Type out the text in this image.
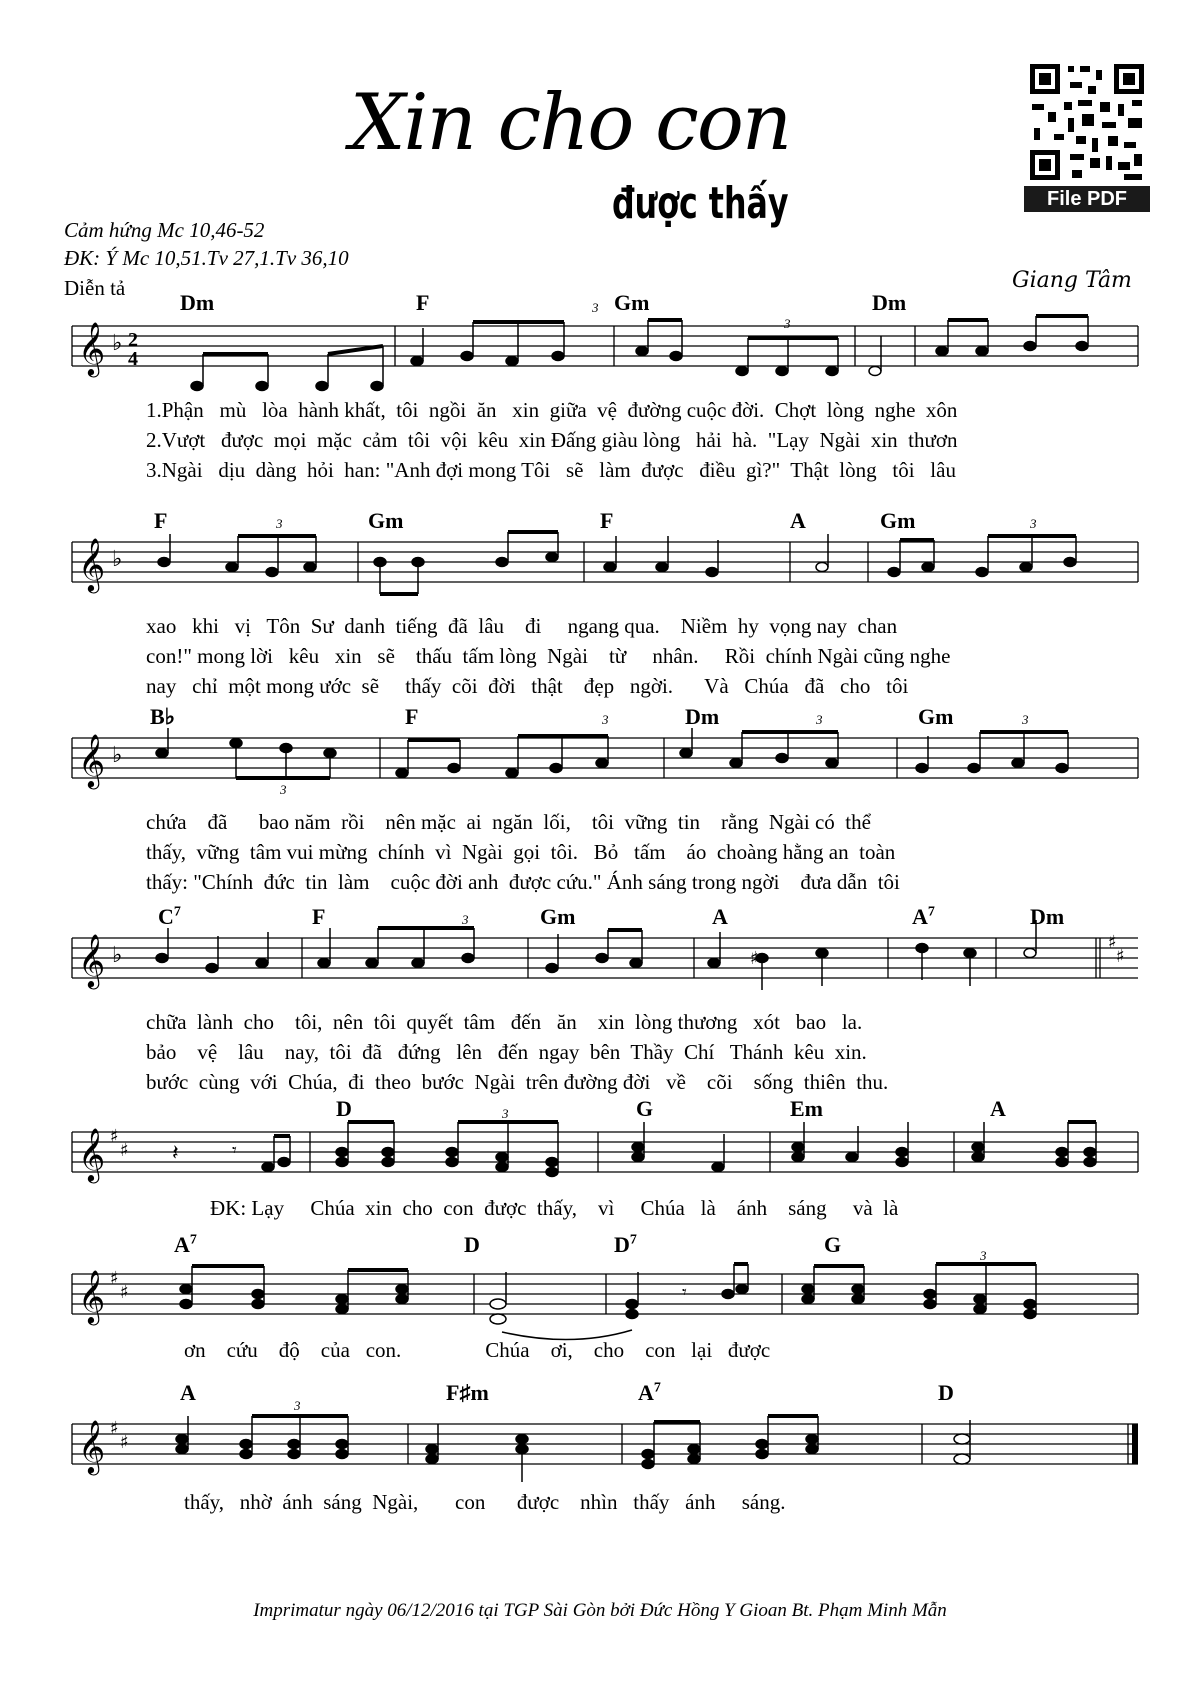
Xin cho con
được thấy	File PDF
Cảm hứng Mc 10,46-52
ĐK: Ý Mc 10,51.Tv 27,1.Tv 36,10
Diễn tả	Giang Tâm
Dm	F	Gm	Dm
𝄞 ♭ 2
4
3
3
1.Phận   mù   lòa  hành khất,  tôi  ngồi  ăn   xin  giữa  vệ  đường cuộc đời.  Chợt  lòng  nghe  xôn
2.Vượt   được  mọi  mặc  cảm  tôi  vội  kêu  xin Đấng giàu lòng   hải  hà.  "Lạy  Ngài  xin  thươn
3.Ngài   dịu  dàng  hỏi  han: "Anh đợi mong Tôi   sẽ   làm  được   điều  gì?"  Thật  lòng   tôi   lâu
F	Gm	F	A	Gm
𝄞 ♭
3	3
xao   khi   vị   Tôn  Sư  danh  tiếng  đã  lâu    đi     ngang qua.    Niềm  hy  vọng nay  chan
con!" mong lời   kêu   xin   sẽ    thấu  tấm lòng  Ngài    từ     nhân.     Rồi  chính Ngài cũng nghe
nay   chỉ  một mong ước  sẽ     thấy  cõi  đời   thật    đẹp   ngời.      Và   Chúa   đã   cho   tôi
B♭	F	Dm	Gm
𝄞 ♭
3
3	3	3
chứa    đã      bao năm  rồi    nên mặc  ai  ngăn  lối,    tôi  vững  tin    rằng  Ngài có  thể
thấy,  vững  tâm vui mừng  chính  vì  Ngài  gọi  tôi.   Bỏ   tấm    áo  choàng hằng an  toàn
thấy: "Chính  đức  tin  làm    cuộc đời anh  được cứu." Ánh sáng trong ngời    đưa dẫn  tôi
$C^7$	F	Gm	A	$A^7$	Dm
𝄞 ♭
♯
♯
♯
3
chữa  lành  cho    tôi,  nên  tôi  quyết  tâm   đến   ăn    xin  lòng thương   xót   bao   la.
bảo    vệ    lâu    nay,  tôi  đã   đứng   lên   đến  ngay  bên  Thầy  Chí   Thánh  kêu  xin.
bước  cùng  với  Chúa,  đi  theo  bước  Ngài  trên đường đời   về    cõi    sống  thiên  thu.
D	G	Em	A
𝄞 ♯
♯ 𝄽	𝄾
3
ĐK: Lạy     Chúa  xin  cho  con  được  thấy,    vì     Chúa   là    ánh    sáng     và  là
$A^7$	D	$D^7$	G
𝄞 ♯
♯	𝄾
3
ơn    cứu    độ    của   con.                Chúa    ơi,    cho    con   lại   được
A	F♯m	$A^7$	D
𝄞 ♯
♯
3
thấy,   nhờ  ánh  sáng  Ngài,       con      được    nhìn   thấy   ánh     sáng.
Imprimatur ngày 06/12/2016 tại TGP Sài Gòn bởi Đức Hồng Y Gioan Bt. Phạm Minh Mẫn
